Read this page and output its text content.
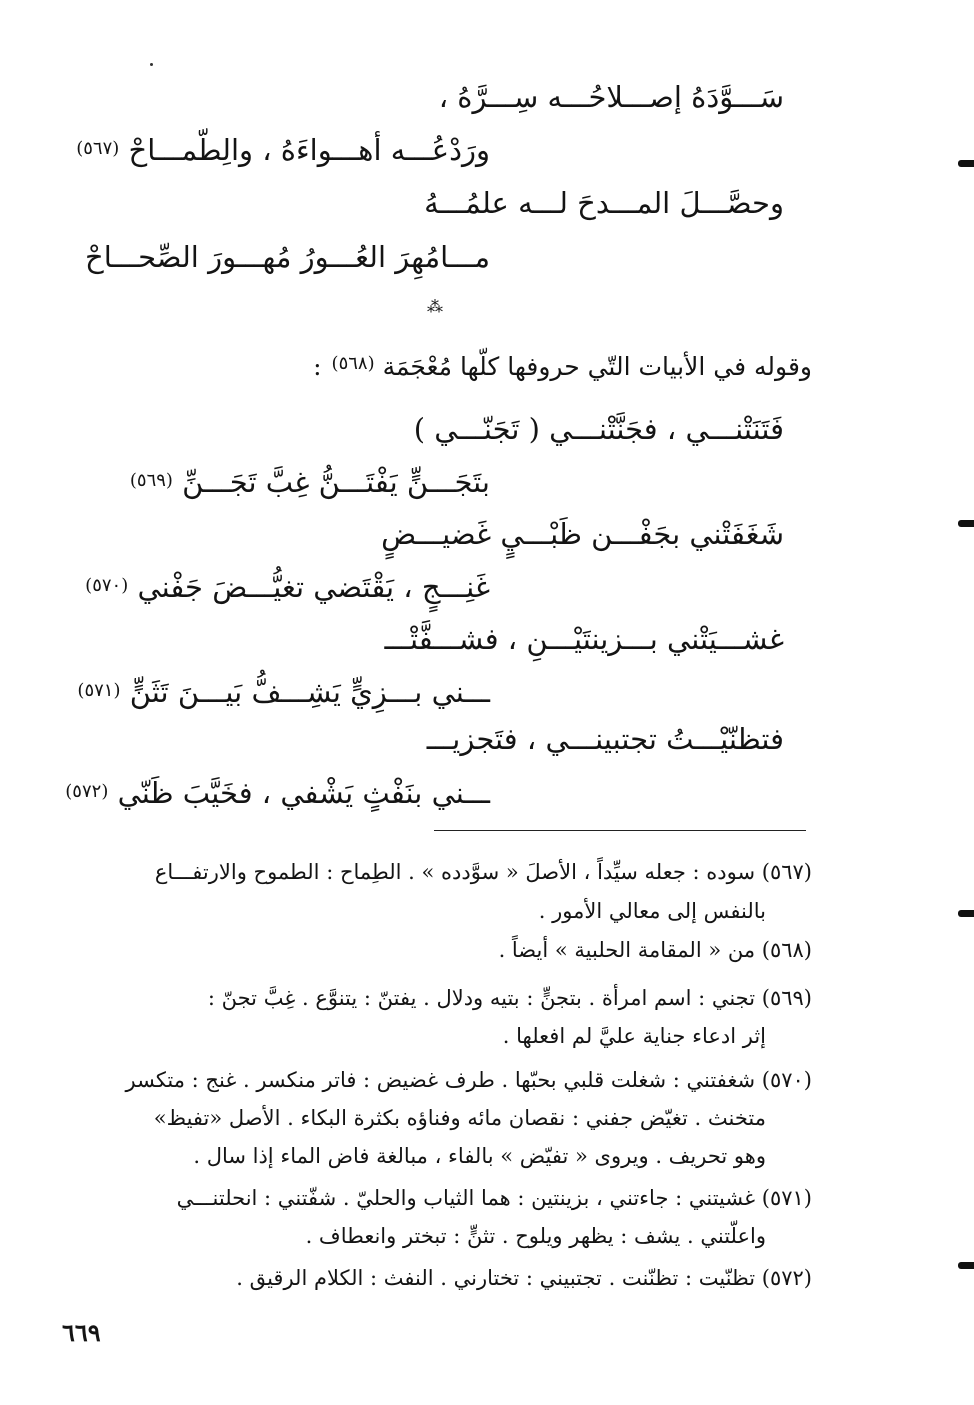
سَـــوَّدَهُ إصـــلاحُـــه سِـــرَّهُ ،
ورَدْعُـــه أهـــواءَهُ ، والِطّمـــاحْ $^{(٥٦٧)}$
وحصَّـــلَ المـــدحَ لـــه علمُـــهُ
مـــامُهِرَ العُـــورُ مُهـــورَ الصِّحـــاحْ
⁂
وقوله في الأبيات التّي حروفها كلّها مُعْجَمَة $^{(٥٦٨)}$ :
فَتَنَتْنـــي ، فجَنَّتْنـــي ( تَجَنّـــي )
بتَجَـــنٍّ يَفْتَـــنُّ غِبَّ تَجَـــنِّ $^{(٥٦٩)}$
شَغَفَتْني بجَفْـــن ظَبْـــيٍ غَضيـــضٍ
غَنِـــجٍ ، يَقْتَضي تغيُّـــضَ جَفْني $^{(٥٧٠)}$
غشـــيَتْني بـــزينتَيْـــنِ ، فشـــفَّتْـــ
ـــني بـــزِيٍّ يَشِـــفُّ بَيـــنَ تَثَنٍّ $^{(٥٧١)}$
فتظنّيْـــتُ تجتبينـــي ، فتَجزيـــ
ـــني بنَفْثٍ يَشْفي ، فخَيَّبَ ظَنّي $^{(٥٧٢)}$
(٥٦٧) سوده : جعله سيِّداً ، الأصلَ « سوَّدده » . الطِماح : الطموح والارتفـــاع
بالنفس إلى معالي الأمور .
(٥٦٨) من « المقامة الحلبية » أيضاً .
(٥٦٩) تجني : اسم امرأة . بتجنٍّ : بتيه ودلال . يفتنّ : يتنوَّع . غِبَّ تجنّ :
إثر ادعاء جناية عليَّ لم افعلها .
(٥٧٠) شغفتني : شغلت قلبي بحبّها . طرف غضيض : فاتر منكسر . غنج : متكسر
متخنث . تغيّض جفني : نقصان مائه وفناؤه بكثرة البكاء . الأصل «تفيظ»
وهو تحريف . ويروى « تفيّض » بالفاء ، مبالغة فاض الماء إذا سال .
(٥٧١) غشيتني : جاءتني ، بزينتين : هما الثياب والحليّ . شفّتني : انحلتنـــي
واعلّتني . يشف : يظهر ويلوح . تثنٍّ : تبختر وانعطاف .
(٥٧٢) تظنّيت : تظنّنت . تجتبيني : تختارني . النفث : الكلام الرقيق .
٦٦٩
